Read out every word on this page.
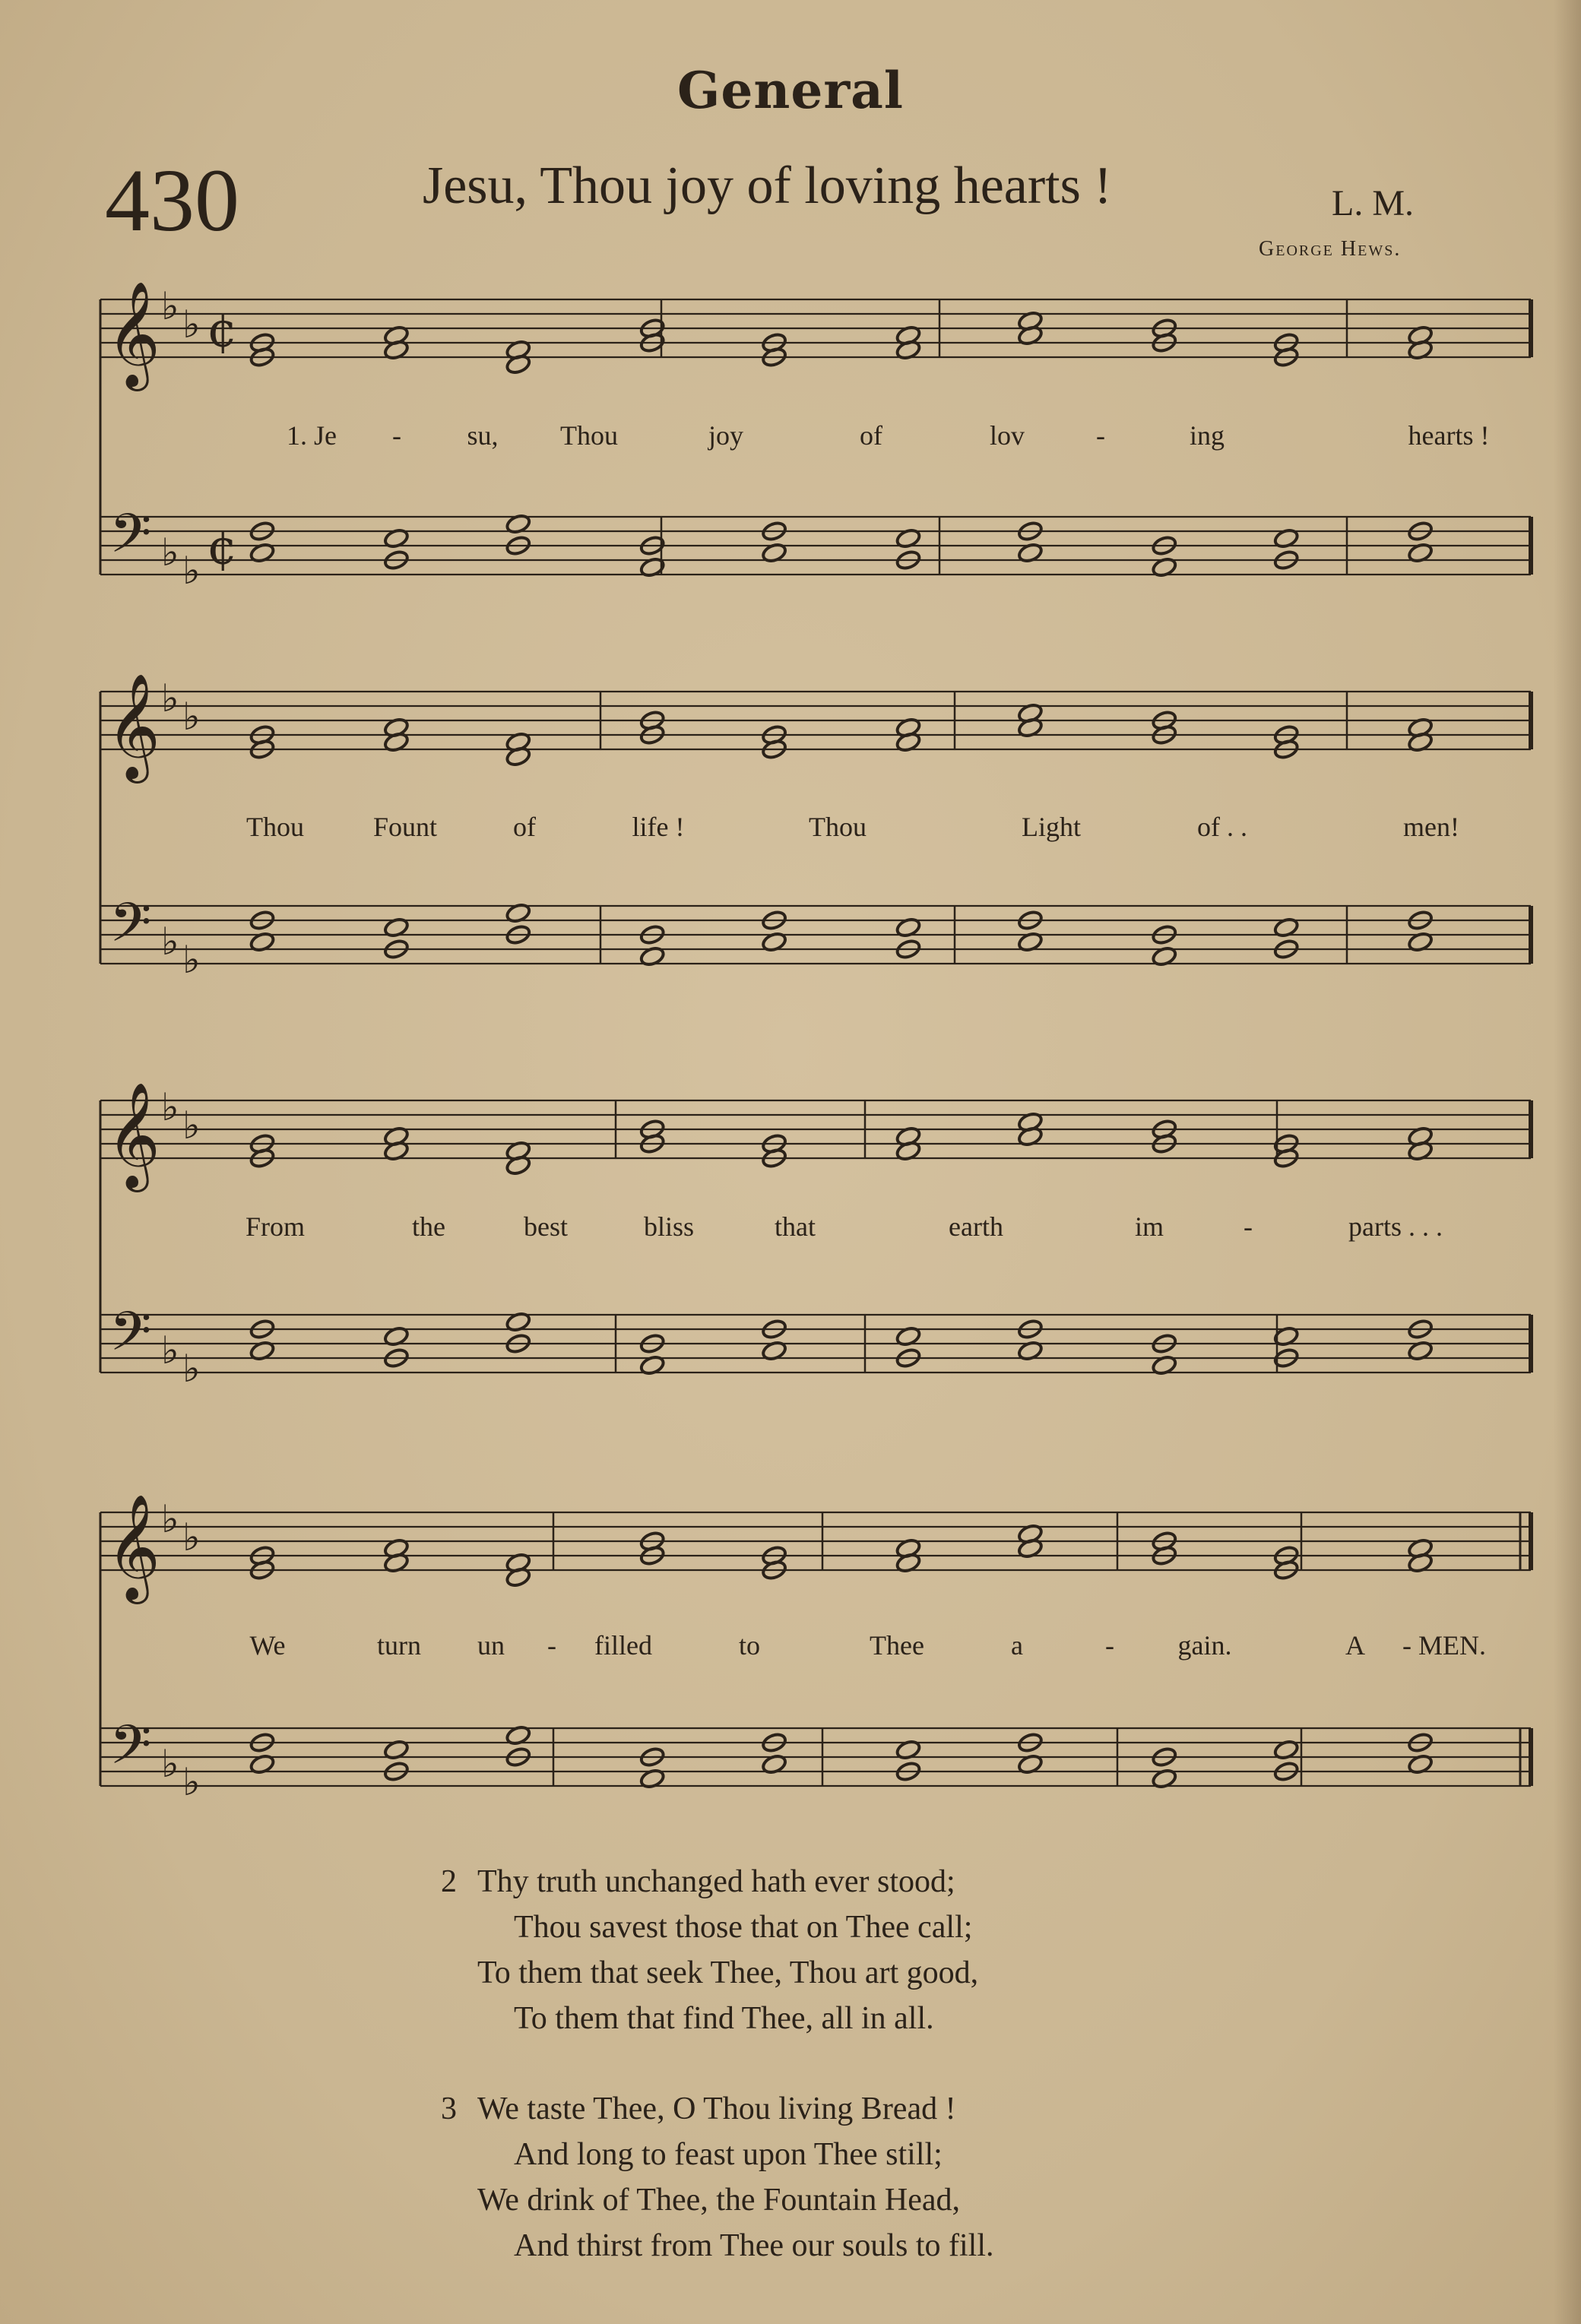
General
430	Jesu, Thou joy of loving hearts !	L. M.
George Hews.
𝄞
𝄢
♭ ♭
♭ ♭
¢
¢
𝄞
𝄢
♭ ♭
♭ ♭
𝄞
𝄢
♭ ♭
♭ ♭
𝄞
𝄢
♭ ♭
♭ ♭
1. Je - su, Thou	joy	of	lov	-	ing	hearts !
Thou	Fount	of	life !	Thou	Light	of . .	men!
From	the	best	bliss	that	earth	im	-	parts . . .
We	turn un - filled	to	Thee	a	- gain.	A - MEN.
2 Thy truth unchanged hath ever stood;
Thou savest those that on Thee call;
To them that seek Thee, Thou art good,
To them that find Thee, all in all.
3 We taste Thee, O Thou living Bread !
And long to feast upon Thee still;
We drink of Thee, the Fountain Head,
And thirst from Thee our souls to fill.
